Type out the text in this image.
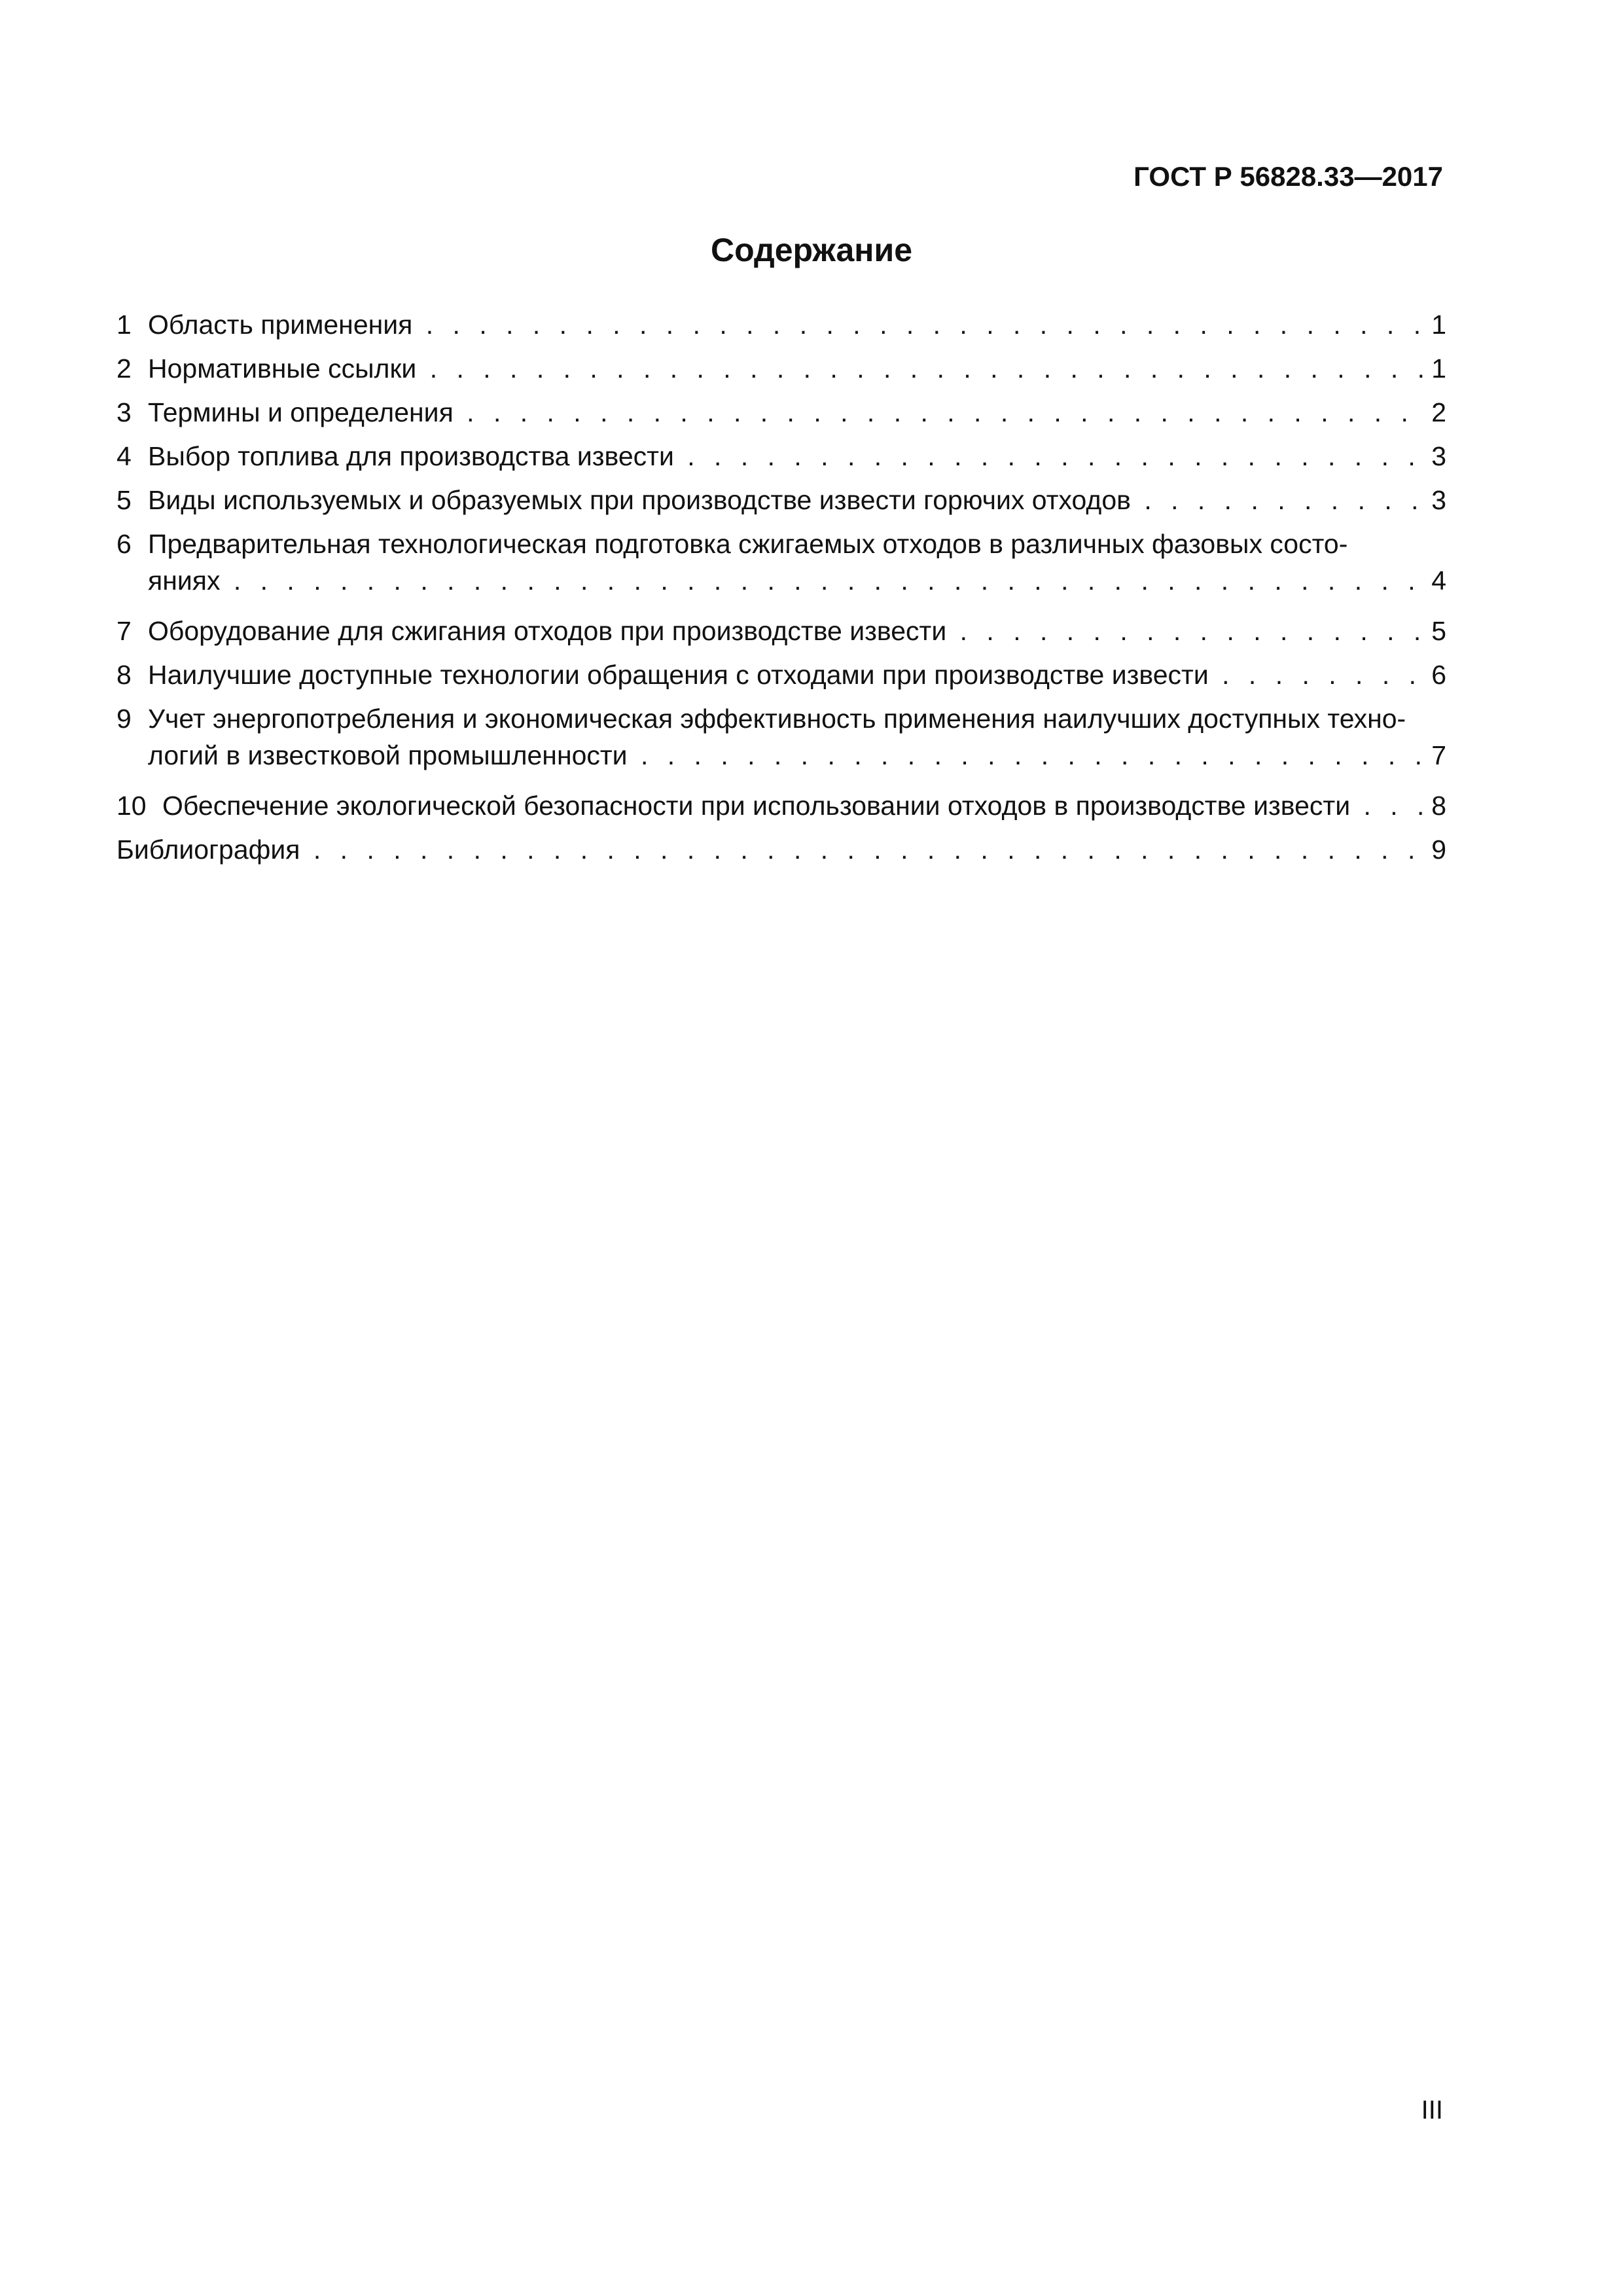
ГОСТ Р 56828.33—2017
Содержание
1 Область применения . . .	1
2 Нормативные ссылки . . .	1
3 Термины и определения . . .	2
4 Выбор топлива для производства извести . . .	3
5 Виды используемых и образуемых при производстве извести горючих отходов . . .	3
6 Предварительная технологическая подготовка сжигаемых отходов в различных фазовых состо-
яниях . . .	4
7 Оборудование для сжигания отходов при производстве извести . . .	5
8 Наилучшие доступные технологии обращения с отходами при производстве извести . . .	6
9 Учет энергопотребления и экономическая эффективность применения наилучших доступных техно-
логий в известковой промышленности . . .	7
10 Обеспечение экологической безопасности при использовании отходов в производстве извести . . .	8
Библиография . . .	9
III
